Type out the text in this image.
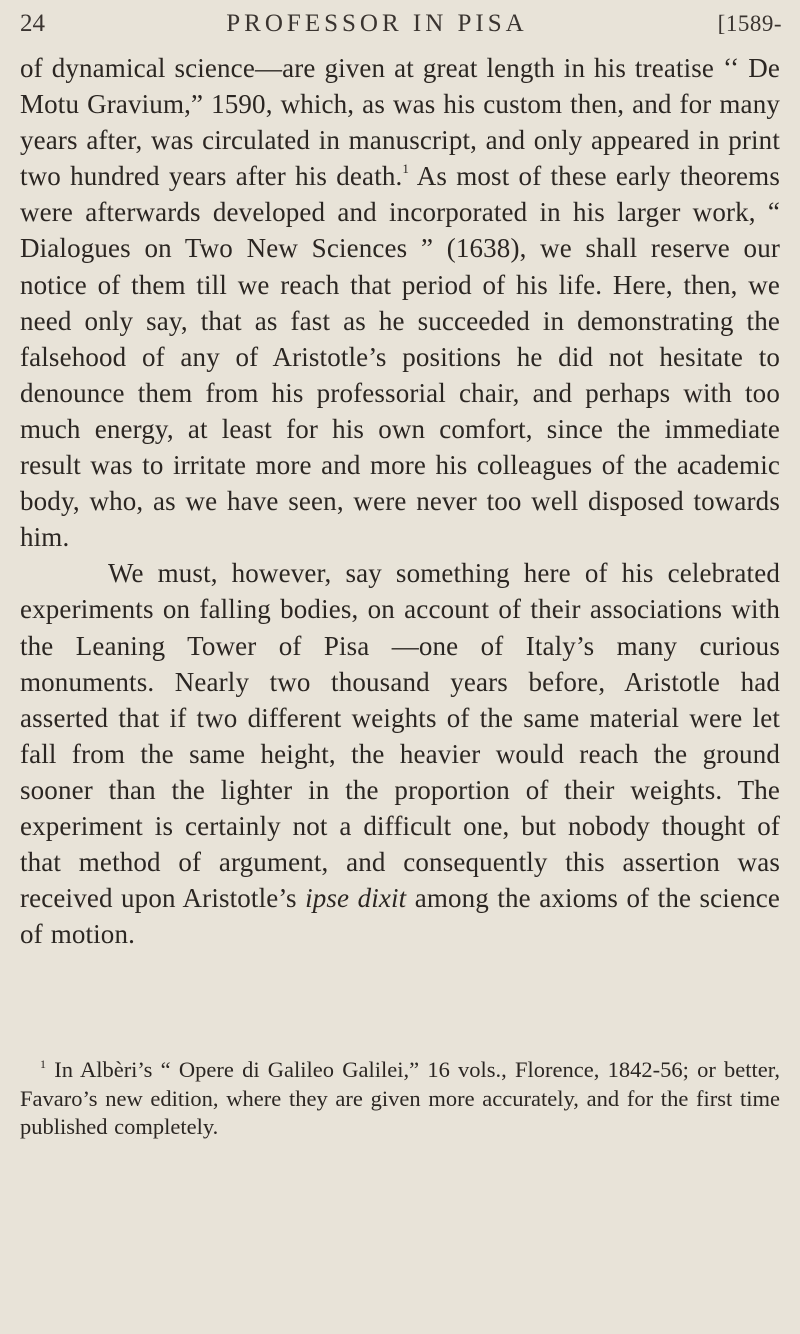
24	PROFESSOR IN PISA	[1589-

of dynamical science—are given at great length in his treatise ‘‘ De Motu Gravium,” 1590, which, as was his custom then, and for many years after, was circulated in manuscript, and only appeared in print two hundred years after his death.$^1$ As most of these early theorems were afterwards developed and incorporated in his larger work, “ Dialogues on Two New Sciences ” (1638), we shall reserve our notice of them till we reach that period of his life. Here, then, we need only say, that as fast as he succeeded in demonstrating the falsehood of any of Aristotle’s positions he did not hesitate to denounce them from his professorial chair, and perhaps with too much energy, at least for his own comfort, since the immediate result was to irritate more and more his colleagues of the academic body, who, as we have seen, were never too well disposed towards him.

We must, however, say something here of his celebrated experiments on falling bodies, on account of their associations with the Leaning Tower of Pisa —one of Italy’s many curious monuments. Nearly two thousand years before, Aristotle had asserted that if two different weights of the same material were let fall from the same height, the heavier would reach the ground sooner than the lighter in the proportion of their weights. The experiment is certainly not a difficult one, but nobody thought of that method of argument, and consequently this assertion was received upon Aristotle’s ipse dixit among the axioms of the science of motion.

$^1$ In Albèri’s “ Opere di Galileo Galilei,” 16 vols., Florence, 1842-56; or better, Favaro’s new edition, where they are given more accurately, and for the first time published completely.
